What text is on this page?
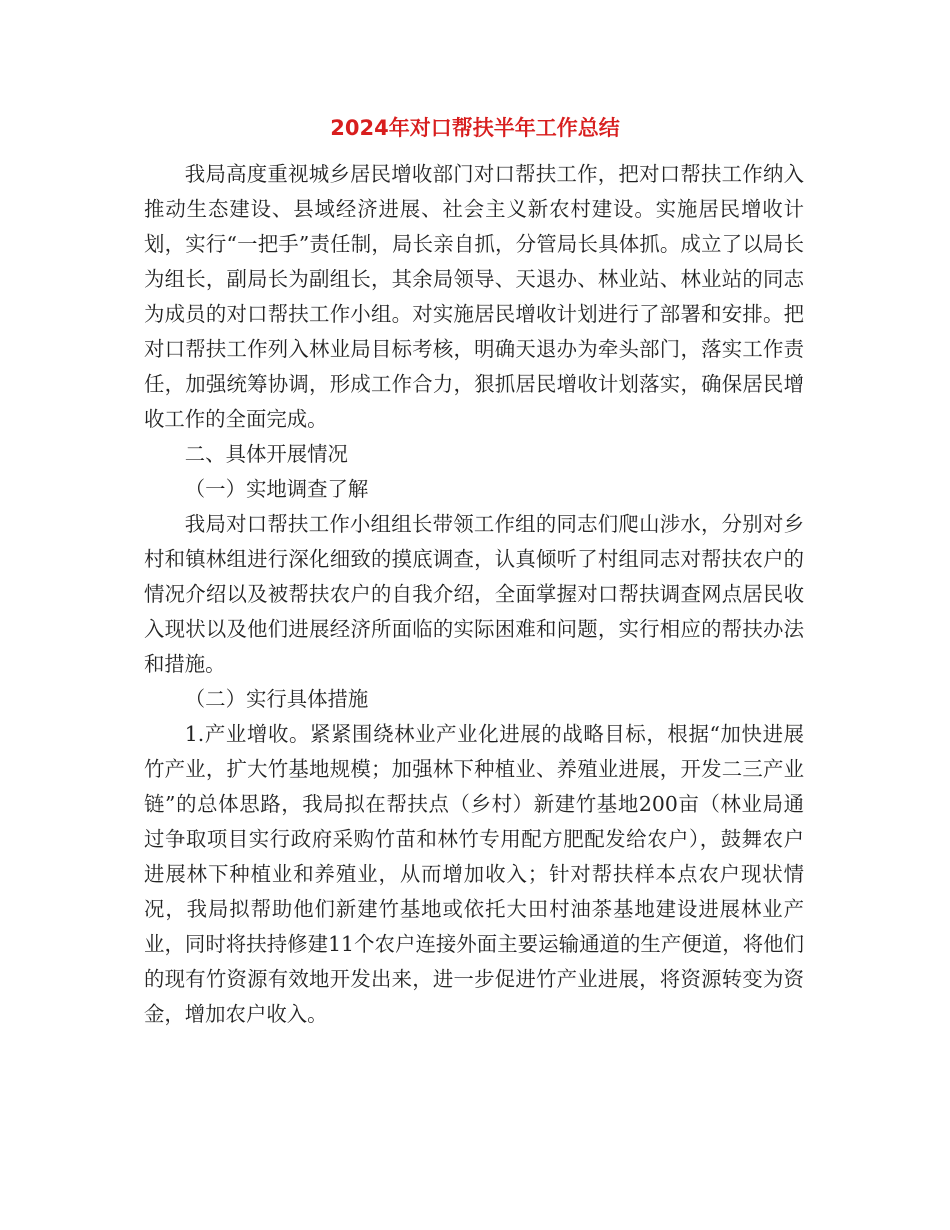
2024年对口帮扶半年工作总结

我局高度重视城乡居民增收部门对口帮扶工作，把对口帮扶工作纳入推动生态建设、县域经济进展、社会主义新农村建设。实施居民增收计划，实行“一把手”责任制，局长亲自抓，分管局长具体抓。成立了以局长为组长，副局长为副组长，其余局领导、天退办、林业站、林业站的同志为成员的对口帮扶工作小组。对实施居民增收计划进行了部署和安排。把对口帮扶工作列入林业局目标考核，明确天退办为牵头部门，落实工作责任，加强统筹协调，形成工作合力，狠抓居民增收计划落实，确保居民增收工作的全面完成。

二、具体开展情况

（一）实地调查了解

我局对口帮扶工作小组组长带领工作组的同志们爬山涉水，分别对乡村和镇林组进行深化细致的摸底调查，认真倾听了村组同志对帮扶农户的情况介绍以及被帮扶农户的自我介绍，全面掌握对口帮扶调查网点居民收入现状以及他们进展经济所面临的实际困难和问题，实行相应的帮扶办法和措施。

（二）实行具体措施

1.产业增收。紧紧围绕林业产业化进展的战略目标，根据“加快进展竹产业，扩大竹基地规模；加强林下种植业、养殖业进展，开发二三产业链”的总体思路，我局拟在帮扶点（乡村）新建竹基地200亩（林业局通过争取项目实行政府采购竹苗和林竹专用配方肥配发给农户），鼓舞农户进展林下种植业和养殖业，从而增加收入；针对帮扶样本点农户现状情况，我局拟帮助他们新建竹基地或依托大田村油茶基地建设进展林业产业，同时将扶持修建11个农户连接外面主要运输通道的生产便道，将他们的现有竹资源有效地开发出来，进一步促进竹产业进展，将资源转变为资金，增加农户收入。
